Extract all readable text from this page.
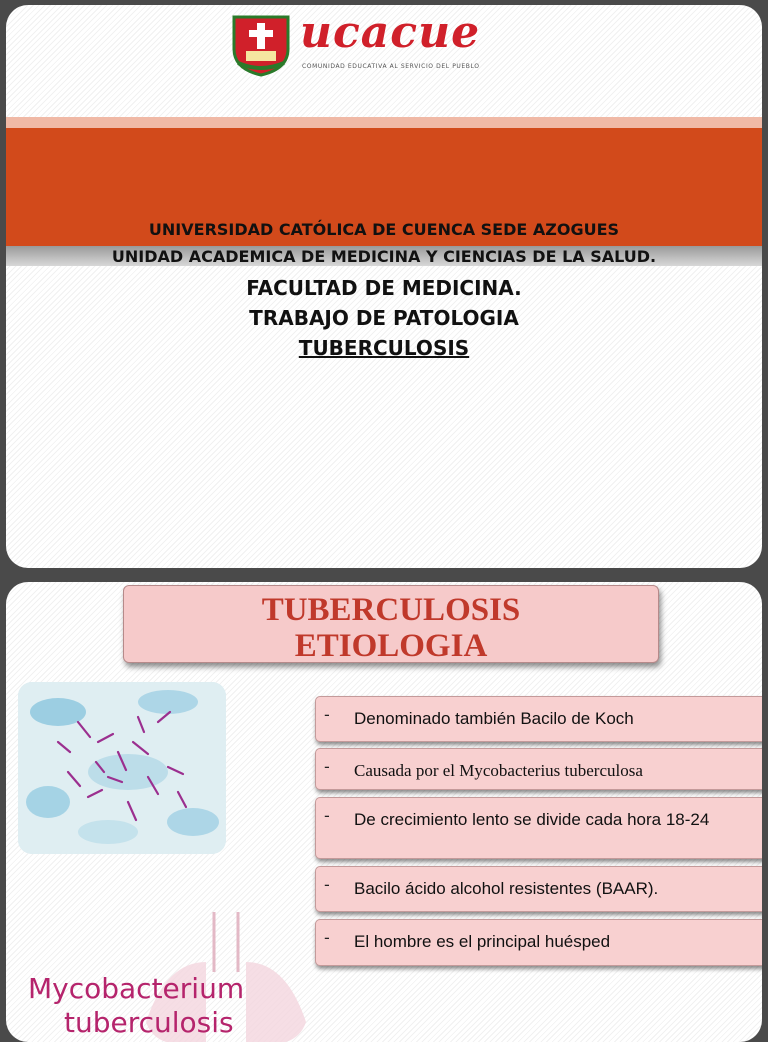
ucacue
COMUNIDAD EDUCATIVA AL SERVICIO DEL PUEBLO
UNIVERSIDAD CATÓLICA DE CUENCA SEDE AZOGUES
UNIDAD ACADEMICA DE MEDICINA Y CIENCIAS DE LA SALUD.
FACULTAD DE MEDICINA.
TRABAJO DE PATOLOGIA
TUBERCULOSIS
TUBERCULOSIS
ETIOLOGIA
- Denominado también Bacilo de Koch
- Causada por el Mycobacterius tuberculosa
- De crecimiento lento se divide cada hora 18-24
- Bacilo ácido alcohol resistentes (BAAR).
- El hombre es el principal huésped
Mycobacterium
tuberculosis
